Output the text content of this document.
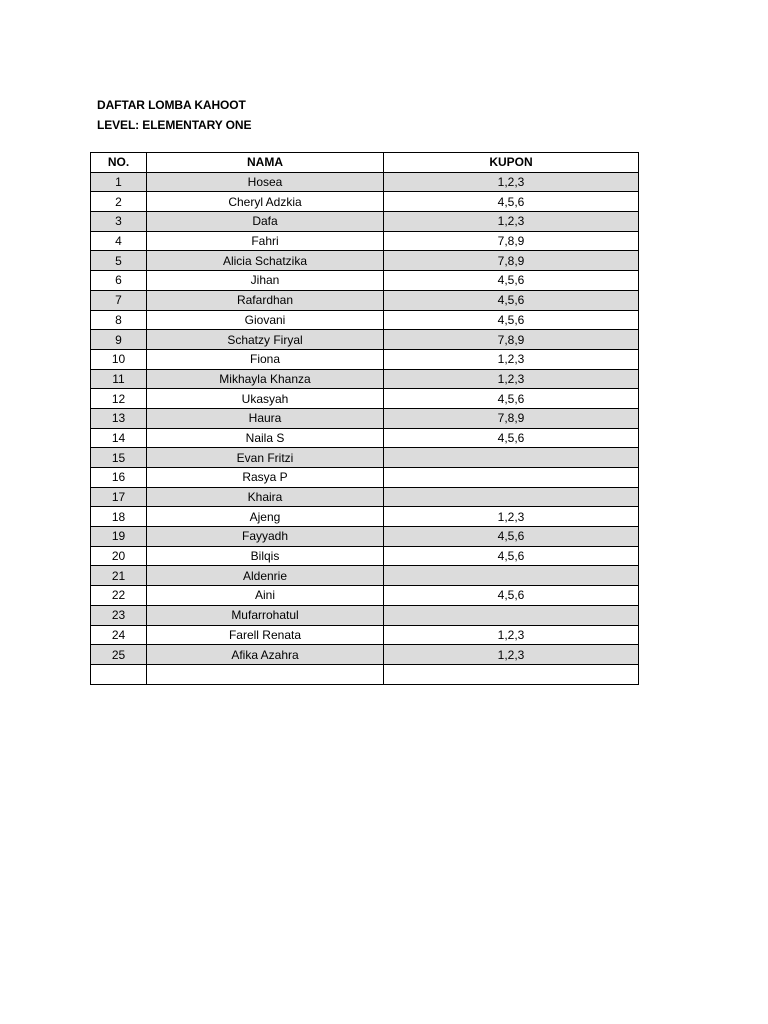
DAFTAR LOMBA KAHOOT
LEVEL: ELEMENTARY ONE
NO.	NAMA	KUPON
1	Hosea	1,2,3
2	Cheryl Adzkia	4,5,6
3	Dafa	1,2,3
4	Fahri	7,8,9
5	Alicia Schatzika	7,8,9
6	Jihan	4,5,6
7	Rafardhan	4,5,6
8	Giovani	4,5,6
9	Schatzy Firyal	7,8,9
10	Fiona	1,2,3
11	Mikhayla Khanza	1,2,3
12	Ukasyah	4,5,6
13	Haura	7,8,9
14	Naila S	4,5,6
15	Evan Fritzi	
16	Rasya P	
17	Khaira	
18	Ajeng	1,2,3
19	Fayyadh	4,5,6
20	Bilqis	4,5,6
21	Aldenrie	
22	Aini	4,5,6
23	Mufarrohatul	
24	Farell Renata	1,2,3
25	Afika Azahra	1,2,3
